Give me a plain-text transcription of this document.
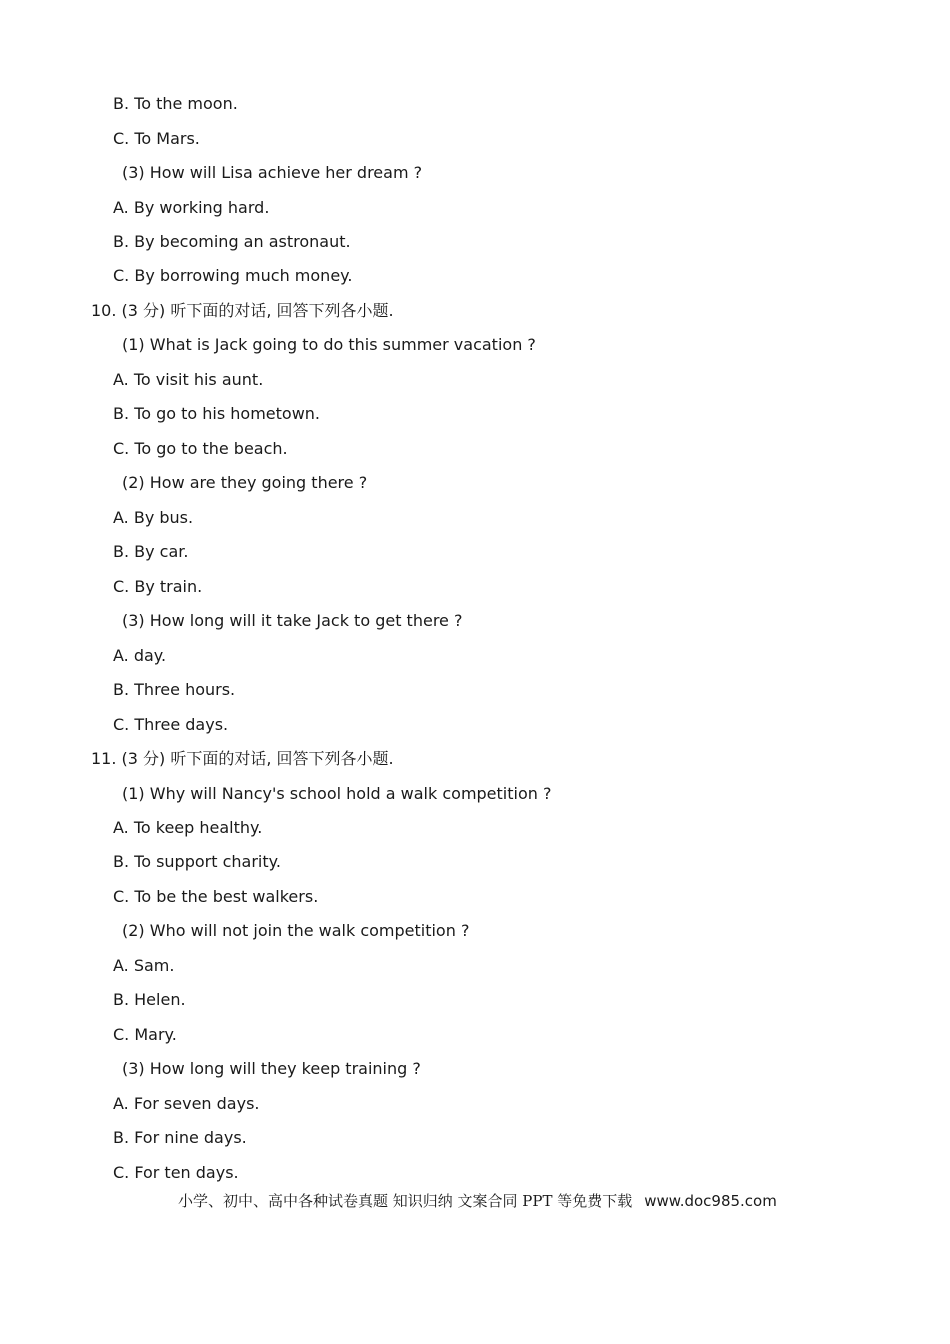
B. To the moon.
C. To Mars.
(3) How will Lisa achieve her dream ?
A. By working hard.
B. By becoming an astronaut.
C. By borrowing much money.
10. (3 分) 听下面的对话, 回答下列各小题.
(1) What is Jack going to do this summer vacation ?
A. To visit his aunt.
B. To go to his hometown.
C. To go to the beach.
(2) How are they going there ?
A. By bus.
B. By car.
C. By train.
(3) How long will it take Jack to get there ?
A. day.
B. Three hours.
C. Three days.
11. (3 分) 听下面的对话, 回答下列各小题.
(1) Why will Nancy's school hold a walk competition ?
A. To keep healthy.
B. To support charity.
C. To be the best walkers.
(2) Who will not join the walk competition ?
A. Sam.
B. Helen.
C. Mary.
(3) How long will they keep training ?
A. For seven days.
B. For nine days.
C. For ten days.
小学、初中、高中各种试卷真题 知识归纳 文案合同 PPT 等免费下载 www.doc985.com
